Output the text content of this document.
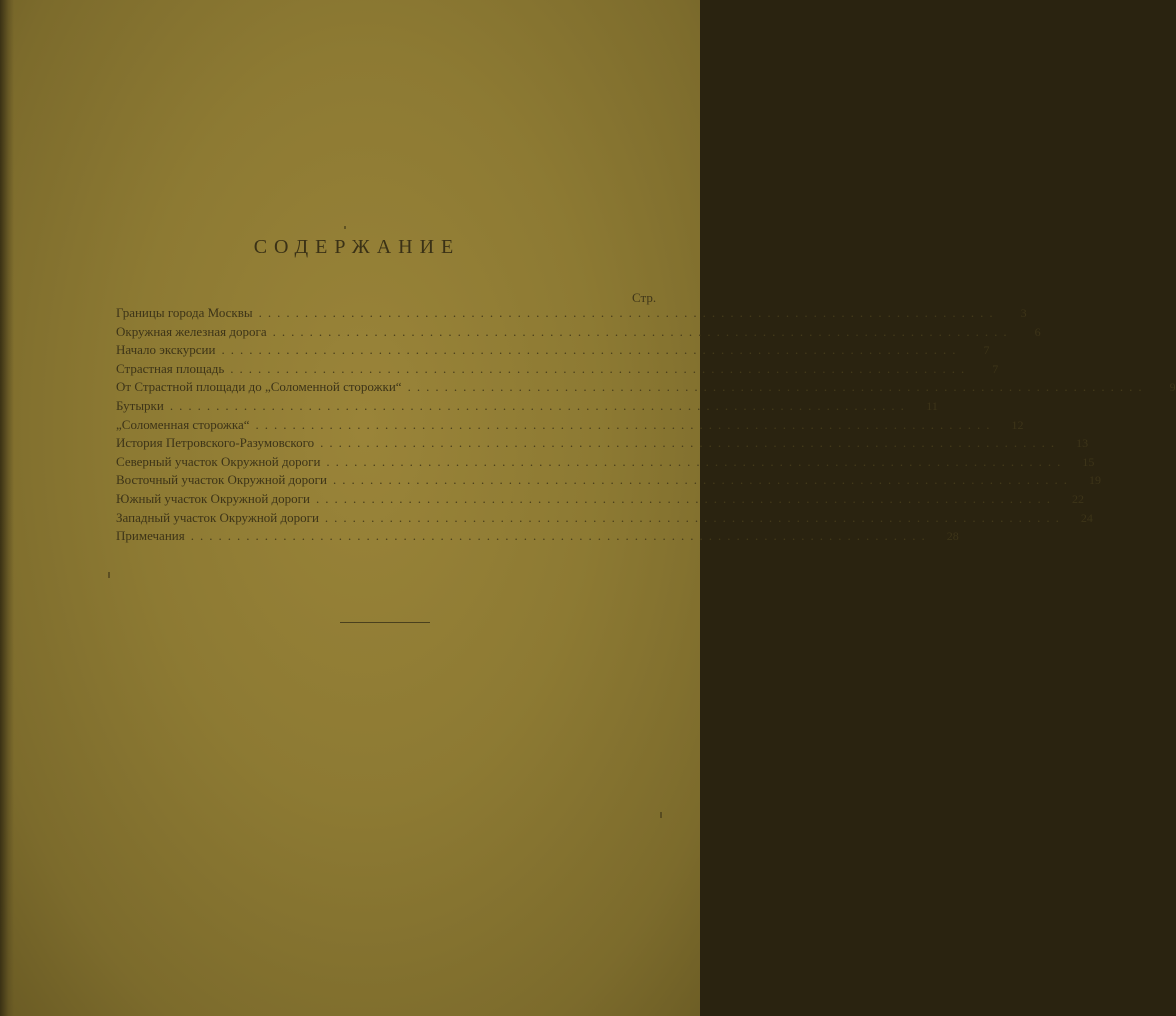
СОДЕРЖАНИЕ
Стр.
Границы города Москвы ................................................................................	3
Окружная железная дорога ................................................................................	6
Начало экскурсии ................................................................................	7
Страстная площадь ................................................................................	7
От Страстной площади до „Соломенной сторожки“ ................................................................................	9
Бутырки ................................................................................	11
„Соломенная сторожка“ ................................................................................	12
История Петровского-Разумовского ................................................................................	13
Северный участок Окружной дороги ................................................................................	15
Восточный участок Окружной дороги ................................................................................	19
Южный участок Окружной дороги ................................................................................	22
Западный участок Окружной дороги ................................................................................	24
Примечания ................................................................................	28
